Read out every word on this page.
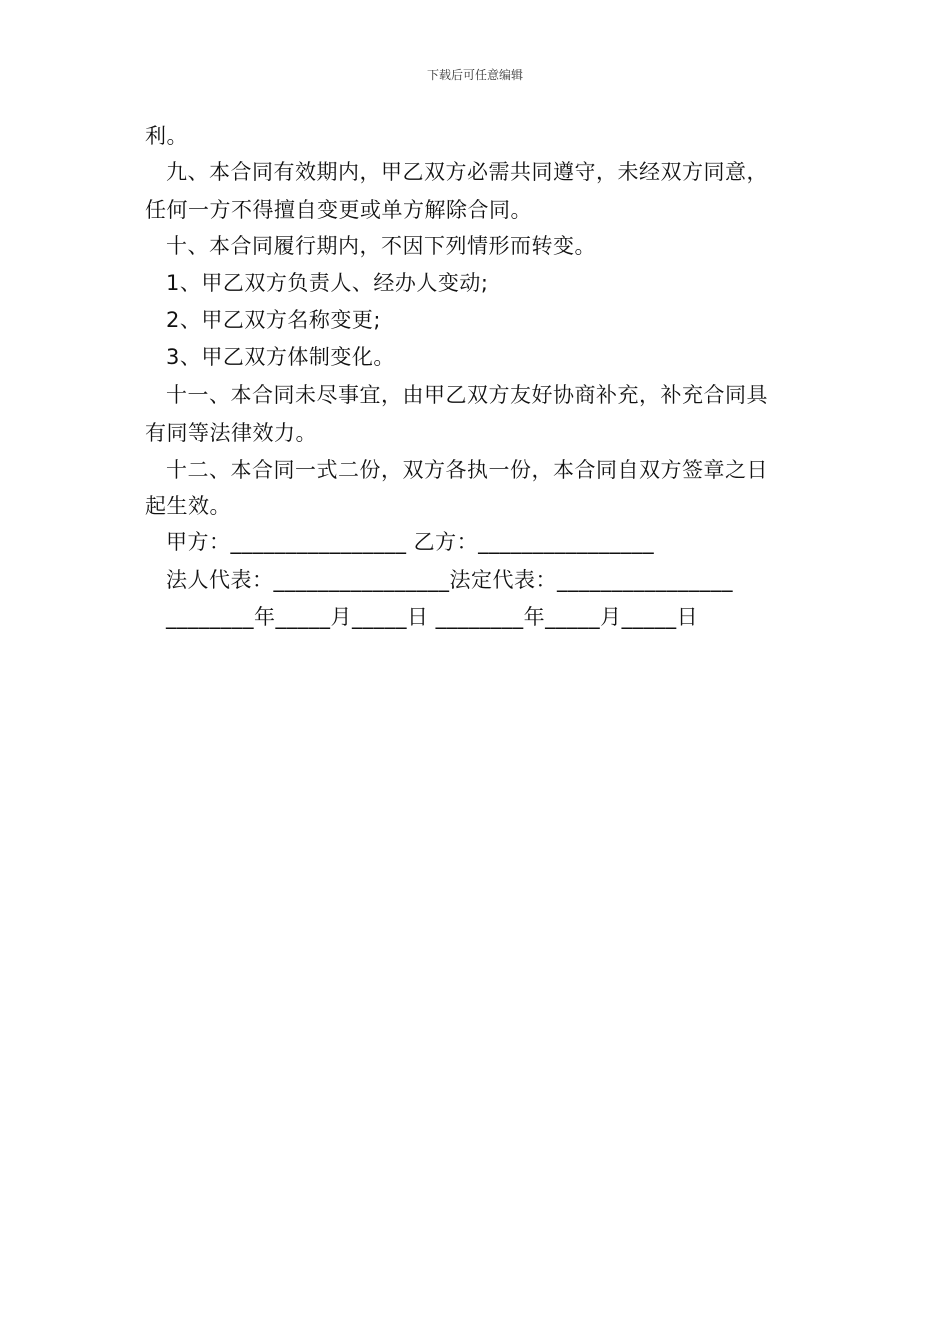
下载后可任意编辑
利。
九、本合同有效期内，甲乙双方必需共同遵守，未经双方同意，
任何一方不得擅自变更或单方解除合同。
十、本合同履行期内，不因下列情形而转变。
1、甲乙双方负责人、经办人变动;
2、甲乙双方名称变更;
3、甲乙双方体制变化。
十一、本合同未尽事宜，由甲乙双方友好协商补充，补充合同具
有同等法律效力。
十二、本合同一式二份，双方各执一份，本合同自双方签章之日
起生效。
甲方：________________ 乙方：________________
法人代表：________________法定代表：________________
________年_____月_____日 ________年_____月_____日
